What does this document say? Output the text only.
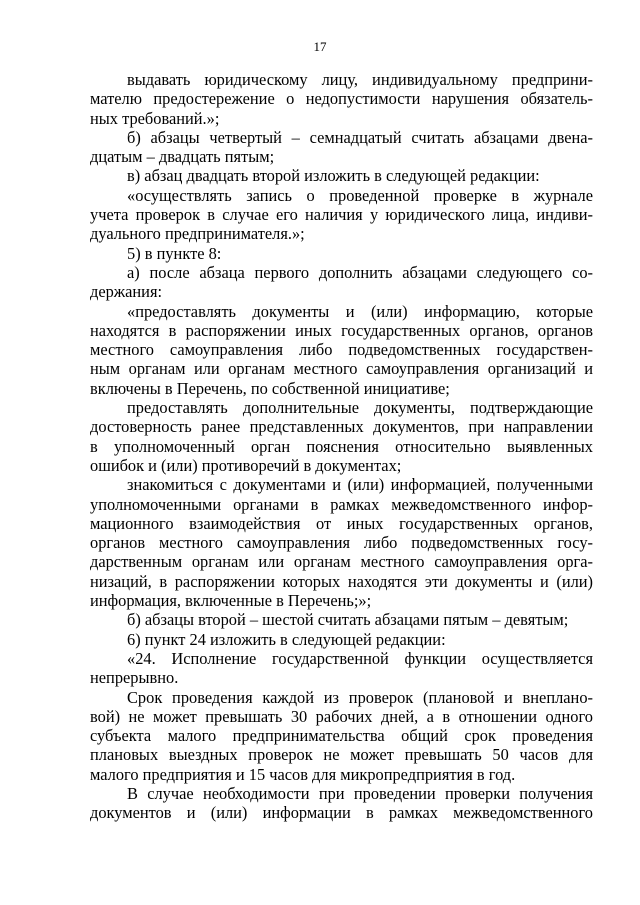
17
выдавать юридическому лицу, индивидуальному предприни-
мателю предостережение о недопустимости нарушения обязатель-
ных требований.»;
б) абзацы четвертый – семнадцатый считать абзацами двена-
дцатым – двадцать пятым;
в) абзац двадцать второй изложить в следующей редакции:
«осуществлять запись о проведенной проверке в журнале
учета проверок в случае его наличия у юридического лица, индиви-
дуального предпринимателя.»;
5) в пункте 8:
а) после абзаца первого дополнить абзацами следующего со-
держания:
«предоставлять документы и (или) информацию, которые
находятся в распоряжении иных государственных органов, органов
местного самоуправления либо подведомственных государствен-
ным органам или органам местного самоуправления организаций и
включены в Перечень, по собственной инициативе;
предоставлять дополнительные документы, подтверждающие
достоверность ранее представленных документов, при направлении
в уполномоченный орган пояснения относительно выявленных
ошибок и (или) противоречий в документах;
знакомиться с документами и (или) информацией, полученными
уполномоченными органами в рамках межведомственного инфор-
мационного взаимодействия от иных государственных органов,
органов местного самоуправления либо подведомственных госу-
дарственным органам или органам местного самоуправления орга-
низаций, в распоряжении которых находятся эти документы и (или)
информация, включенные в Перечень;»;
б) абзацы второй – шестой считать абзацами пятым – девятым;
6) пункт 24 изложить в следующей редакции:
«24. Исполнение государственной функции осуществляется
непрерывно.
Срок проведения каждой из проверок (плановой и внеплано-
вой) не может превышать 30 рабочих дней, а в отношении одного
субъекта малого предпринимательства общий срок проведения
плановых выездных проверок не может превышать 50 часов для
малого предприятия и 15 часов для микропредприятия в год.
В случае необходимости при проведении проверки получения
документов и (или) информации в рамках межведомственного
